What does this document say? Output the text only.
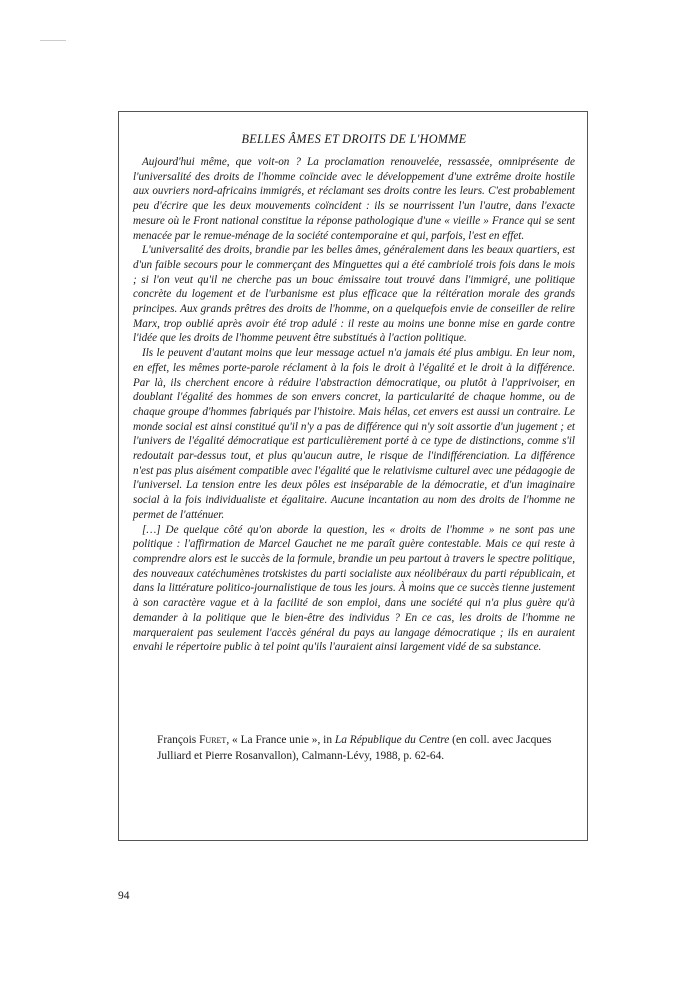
BELLES ÂMES ET DROITS DE L'HOMME

Aujourd'hui même, que voit-on ? La proclamation renouvelée, ressassée, omniprésente de l'universalité des droits de l'homme coïncide avec le développement d'une extrême droite hostile aux ouvriers nord-africains immigrés, et réclamant ses droits contre les leurs. C'est probablement peu d'écrire que les deux mouvements coïncident : ils se nourrissent l'un l'autre, dans l'exacte mesure où le Front national constitue la réponse pathologique d'une « vieille » France qui se sent menacée par le remue-ménage de la société contemporaine et qui, parfois, l'est en effet.

L'universalité des droits, brandie par les belles âmes, généralement dans les beaux quartiers, est d'un faible secours pour le commerçant des Minguettes qui a été cambriolé trois fois dans le mois ; si l'on veut qu'il ne cherche pas un bouc émissaire tout trouvé dans l'immigré, une politique concrète du logement et de l'urbanisme est plus efficace que la réitération morale des grands principes. Aux grands prêtres des droits de l'homme, on a quelquefois envie de conseiller de relire Marx, trop oublié après avoir été trop adulé : il reste au moins une bonne mise en garde contre l'idée que les droits de l'homme peuvent être substitués à l'action politique.

Ils le peuvent d'autant moins que leur message actuel n'a jamais été plus ambigu. En leur nom, en effet, les mêmes porte-parole réclament à la fois le droit à l'égalité et le droit à la différence. Par là, ils cherchent encore à réduire l'abstraction démocratique, ou plutôt à l'apprivoiser, en doublant l'égalité des hommes de son envers concret, la particularité de chaque homme, ou de chaque groupe d'hommes fabriqués par l'histoire. Mais hélas, cet envers est aussi un contraire. Le monde social est ainsi constitué qu'il n'y a pas de différence qui n'y soit assortie d'un jugement ; et l'univers de l'égalité démocratique est particulièrement porté à ce type de distinctions, comme s'il redoutait par-dessus tout, et plus qu'aucun autre, le risque de l'indifférenciation. La différence n'est pas plus aisément compatible avec l'égalité que le relativisme culturel avec une pédagogie de l'universel. La tension entre les deux pôles est inséparable de la démocratie, et d'un imaginaire social à la fois individualiste et égalitaire. Aucune incantation au nom des droits de l'homme ne permet de l'atténuer.

[…] De quelque côté qu'on aborde la question, les « droits de l'homme » ne sont pas une politique : l'affirmation de Marcel Gauchet ne me paraît guère contestable. Mais ce qui reste à comprendre alors est le succès de la formule, brandie un peu partout à travers le spectre politique, des nouveaux catéchumènes trotskistes du parti socialiste aux néolibéraux du parti républicain, et dans la littérature politico-journalistique de tous les jours. À moins que ce succès tienne justement à son caractère vague et à la facilité de son emploi, dans une société qui n'a plus guère qu'à demander à la politique que le bien-être des individus ? En ce cas, les droits de l'homme ne marqueraient pas seulement l'accès général du pays au langage démocratique ; ils en auraient envahi le répertoire public à tel point qu'ils l'auraient ainsi largement vidé de sa substance.

François Furet, « La France unie », in La République du Centre (en coll. avec Jacques Julliard et Pierre Rosanvallon), Calmann-Lévy, 1988, p. 62-64.

94
